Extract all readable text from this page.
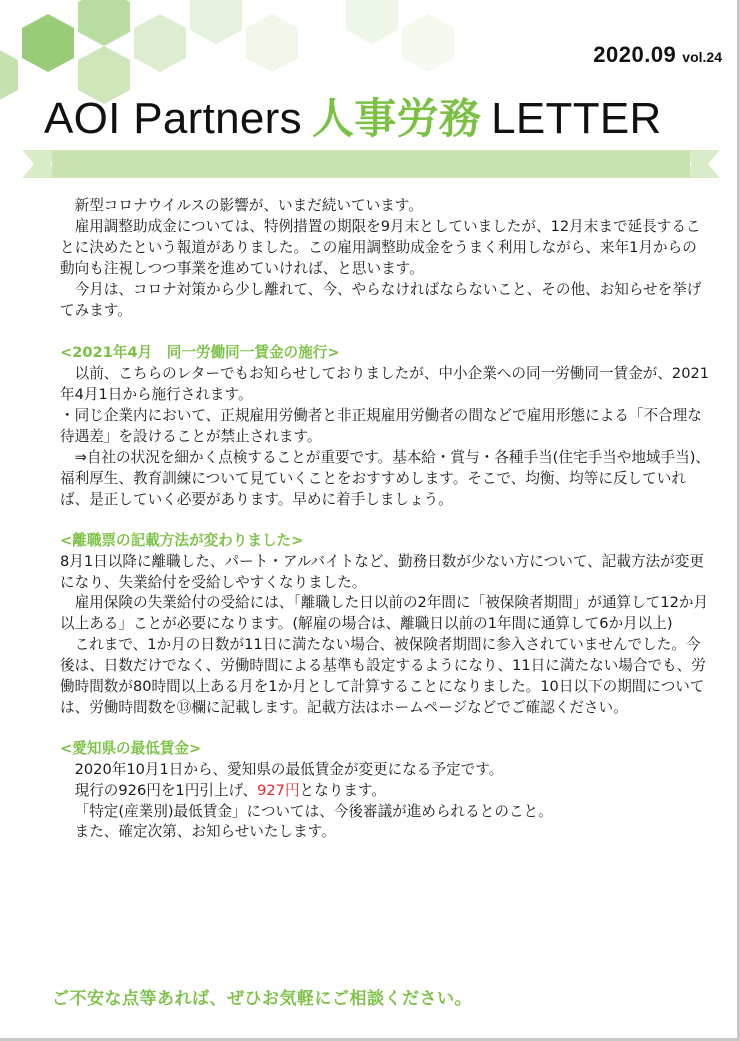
2020.09 vol.24
AOI Partners 人事労務 LETTER

新型コロナウイルスの影響が、いまだ続いています。

雇用調整助成金については、特例措置の期限を9月末としていましたが、12月末まで延長することに決めたという報道がありました。この雇用調整助成金をうまく利用しながら、来年1月からの動向も注視しつつ事業を進めていければ、と思います。

今月は、コロナ対策から少し離れて、今、やらなければならないこと、その他、お知らせを挙げてみます。

<2021年4月　同一労働同一賃金の施行>

以前、こちらのレターでもお知らせしておりましたが、中小企業への同一労働同一賃金が、2021年4月1日から施行されます。

・同じ企業内において、正規雇用労働者と非正規雇用労働者の間などで雇用形態による「不合理な待遇差」を設けることが禁止されます。

⇒自社の状況を細かく点検することが重要です。基本給・賞与・各種手当(住宅手当や地域手当)、福利厚生、教育訓練について見ていくことをおすすめします。そこで、均衡、均等に反していれば、是正していく必要があります。早めに着手しましょう。

<離職票の記載方法が変わりました>

8月1日以降に離職した、パート・アルバイトなど、勤務日数が少ない方について、記載方法が変更になり、失業給付を受給しやすくなりました。

雇用保険の失業給付の受給には、「離職した日以前の2年間に「被保険者期間」が通算して12か月以上ある」ことが必要になります。(解雇の場合は、離職日以前の1年間に通算して6か月以上)

これまで、1か月の日数が11日に満たない場合、被保険者期間に参入されていませんでした。今後は、日数だけでなく、労働時間による基準も設定するようになり、11日に満たない場合でも、労働時間数が80時間以上ある月を1か月として計算することになりました。10日以下の期間については、労働時間数を⑬欄に記載します。記載方法はホームページなどでご確認ください。

<愛知県の最低賃金>

2020年10月1日から、愛知県の最低賃金が変更になる予定です。

現行の926円を1円引上げ、927円となります。

「特定(産業別)最低賃金」については、今後審議が進められるとのこと。

また、確定次第、お知らせいたします。

ご不安な点等あれば、ぜひお気軽にご相談ください。
